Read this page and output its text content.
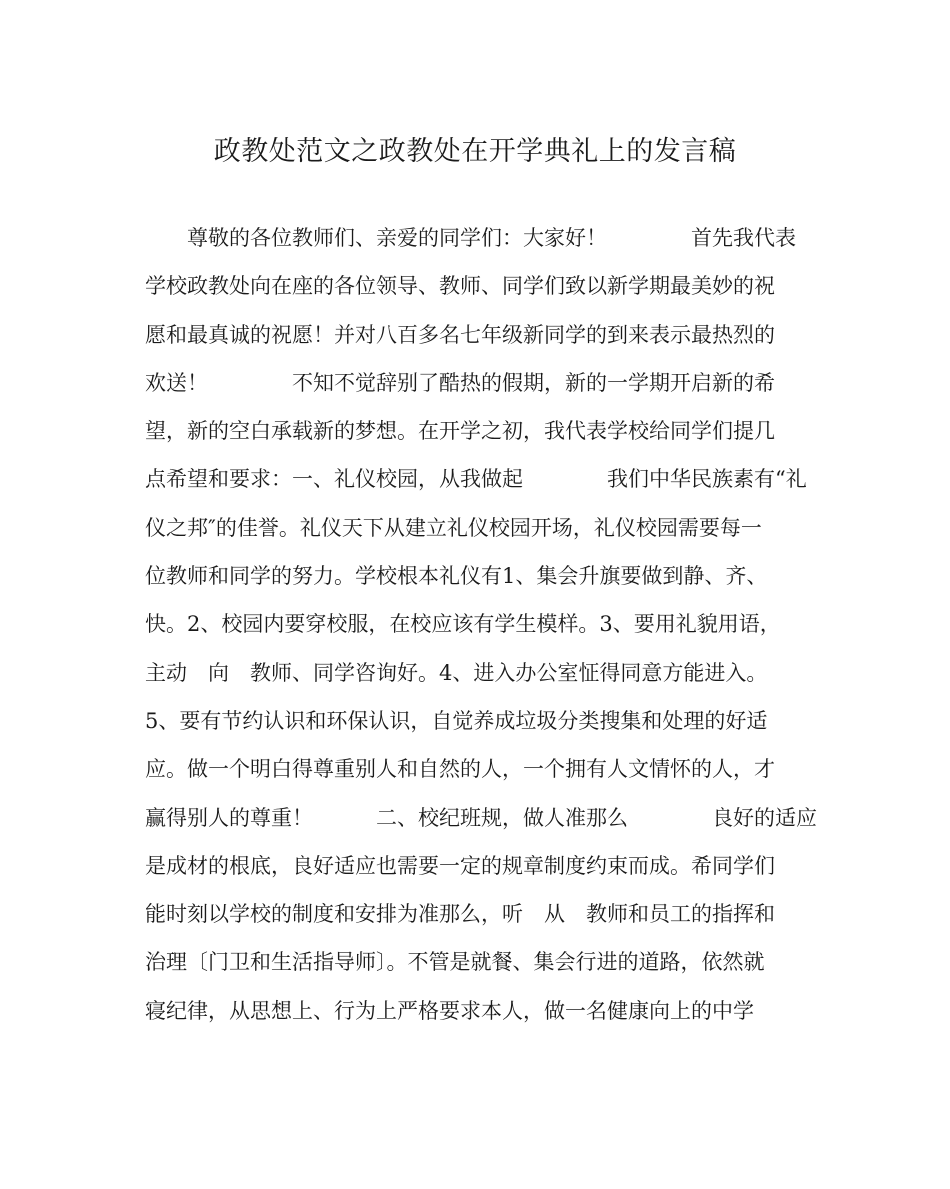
政教处范文之政教处在开学典礼上的发言稿
　　尊敬的各位教师们、亲爱的同学们：大家好！　　　　首先我代表
学校政教处向在座的各位领导、教师、同学们致以新学期最美妙的祝
愿和最真诚的祝愿！并对八百多名七年级新同学的到来表示最热烈的
欢送！　　　　不知不觉辞别了酷热的假期，新的一学期开启新的希
望，新的空白承载新的梦想。在开学之初，我代表学校给同学们提几
点希望和要求：一、礼仪校园，从我做起　　　　我们中华民族素有“礼
仪之邦″的佳誉。礼仪天下从建立礼仪校园开场，礼仪校园需要每一
位教师和同学的努力。学校根本礼仪有1、集会升旗要做到静、齐、
快。2、校园内要穿校服，在校应该有学生模样。3、要用礼貌用语，
主动　向　教师、同学咨询好。4、进入办公室怔得同意方能进入。
5、要有节约认识和环保认识，自觉养成垃圾分类搜集和处理的好适
应。做一个明白得尊重别人和自然的人，一个拥有人文情怀的人，才
赢得别人的尊重！　　　二、校纪班规，做人准那么　　　　良好的适应
是成材的根底，良好适应也需要一定的规章制度约束而成。希同学们
能时刻以学校的制度和安排为准那么，听　从　教师和员工的指挥和
治理〔门卫和生活指导师〕。不管是就餐、集会行进的道路，依然就
寝纪律，从思想上、行为上严格要求本人，做一名健康向上的中学
